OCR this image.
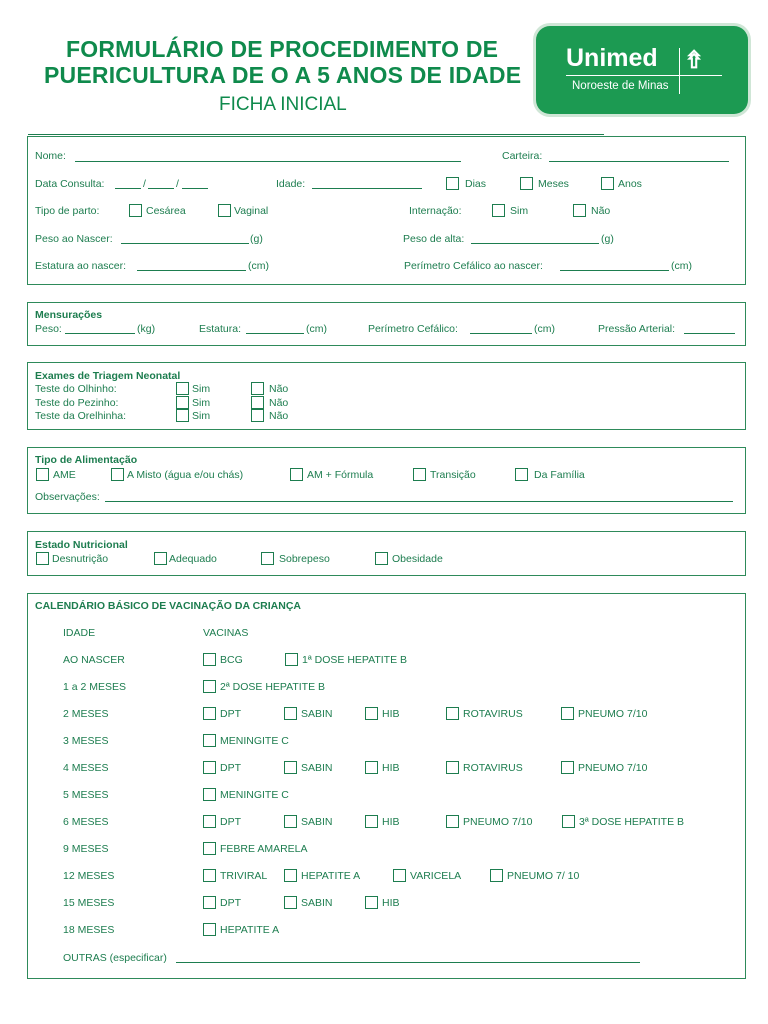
FORMULÁRIO DE PROCEDIMENTO DE
PUERICULTURA DE O A 5 ANOS DE IDADE
FICHA INICIAL
Unimed ⇮
Noroeste de Minas
Nome:	Carteira:
Data Consulta:	/	/	Idade:	Dias	Meses	Anos
Tipo de parto:	Cesárea	Vaginal	Internação:	Sim	Não
Peso ao Nascer:	(g)	Peso de alta:	(g)
Estatura ao nascer:	(cm)	Perímetro Cefálico ao nascer:	(cm)
Mensurações
Peso:	(kg)	Estatura:	(cm)	Perímetro Cefálico:	(cm)	Pressão Arterial:
Exames de Triagem Neonatal
Teste do Olhinho:	Sim	Não
Teste do Pezinho:	Sim	Não
Teste da Orelhinha:	Sim	Não
Tipo de Alimentação
AME	A Misto (água e/ou chás)	AM + Fórmula	Transição	Da Família
Observações:
Estado Nutricional
Desnutrição	Adequado	Sobrepeso	Obesidade
CALENDÁRIO BÁSICO DE VACINAÇÃO DA CRIANÇA
IDADE	VACINAS
AO NASCER	BCG	1ª DOSE HEPATITE B
1 a 2 MESES	2ª DOSE HEPATITE B
2 MESES	DPT	SABIN	HIB	ROTAVIRUS	PNEUMO 7/10
3 MESES	MENINGITE C
4 MESES	DPT	SABIN	HIB	ROTAVIRUS	PNEUMO 7/10
5 MESES	MENINGITE C
6 MESES	DPT	SABIN	HIB	PNEUMO 7/10	3ª DOSE HEPATITE B
9 MESES	FEBRE AMARELA
12 MESES	TRIVIRAL	HEPATITE A	VARICELA	PNEUMO 7/ 10
15 MESES	DPT	SABIN	HIB
18 MESES	HEPATITE A
OUTRAS (especificar)
